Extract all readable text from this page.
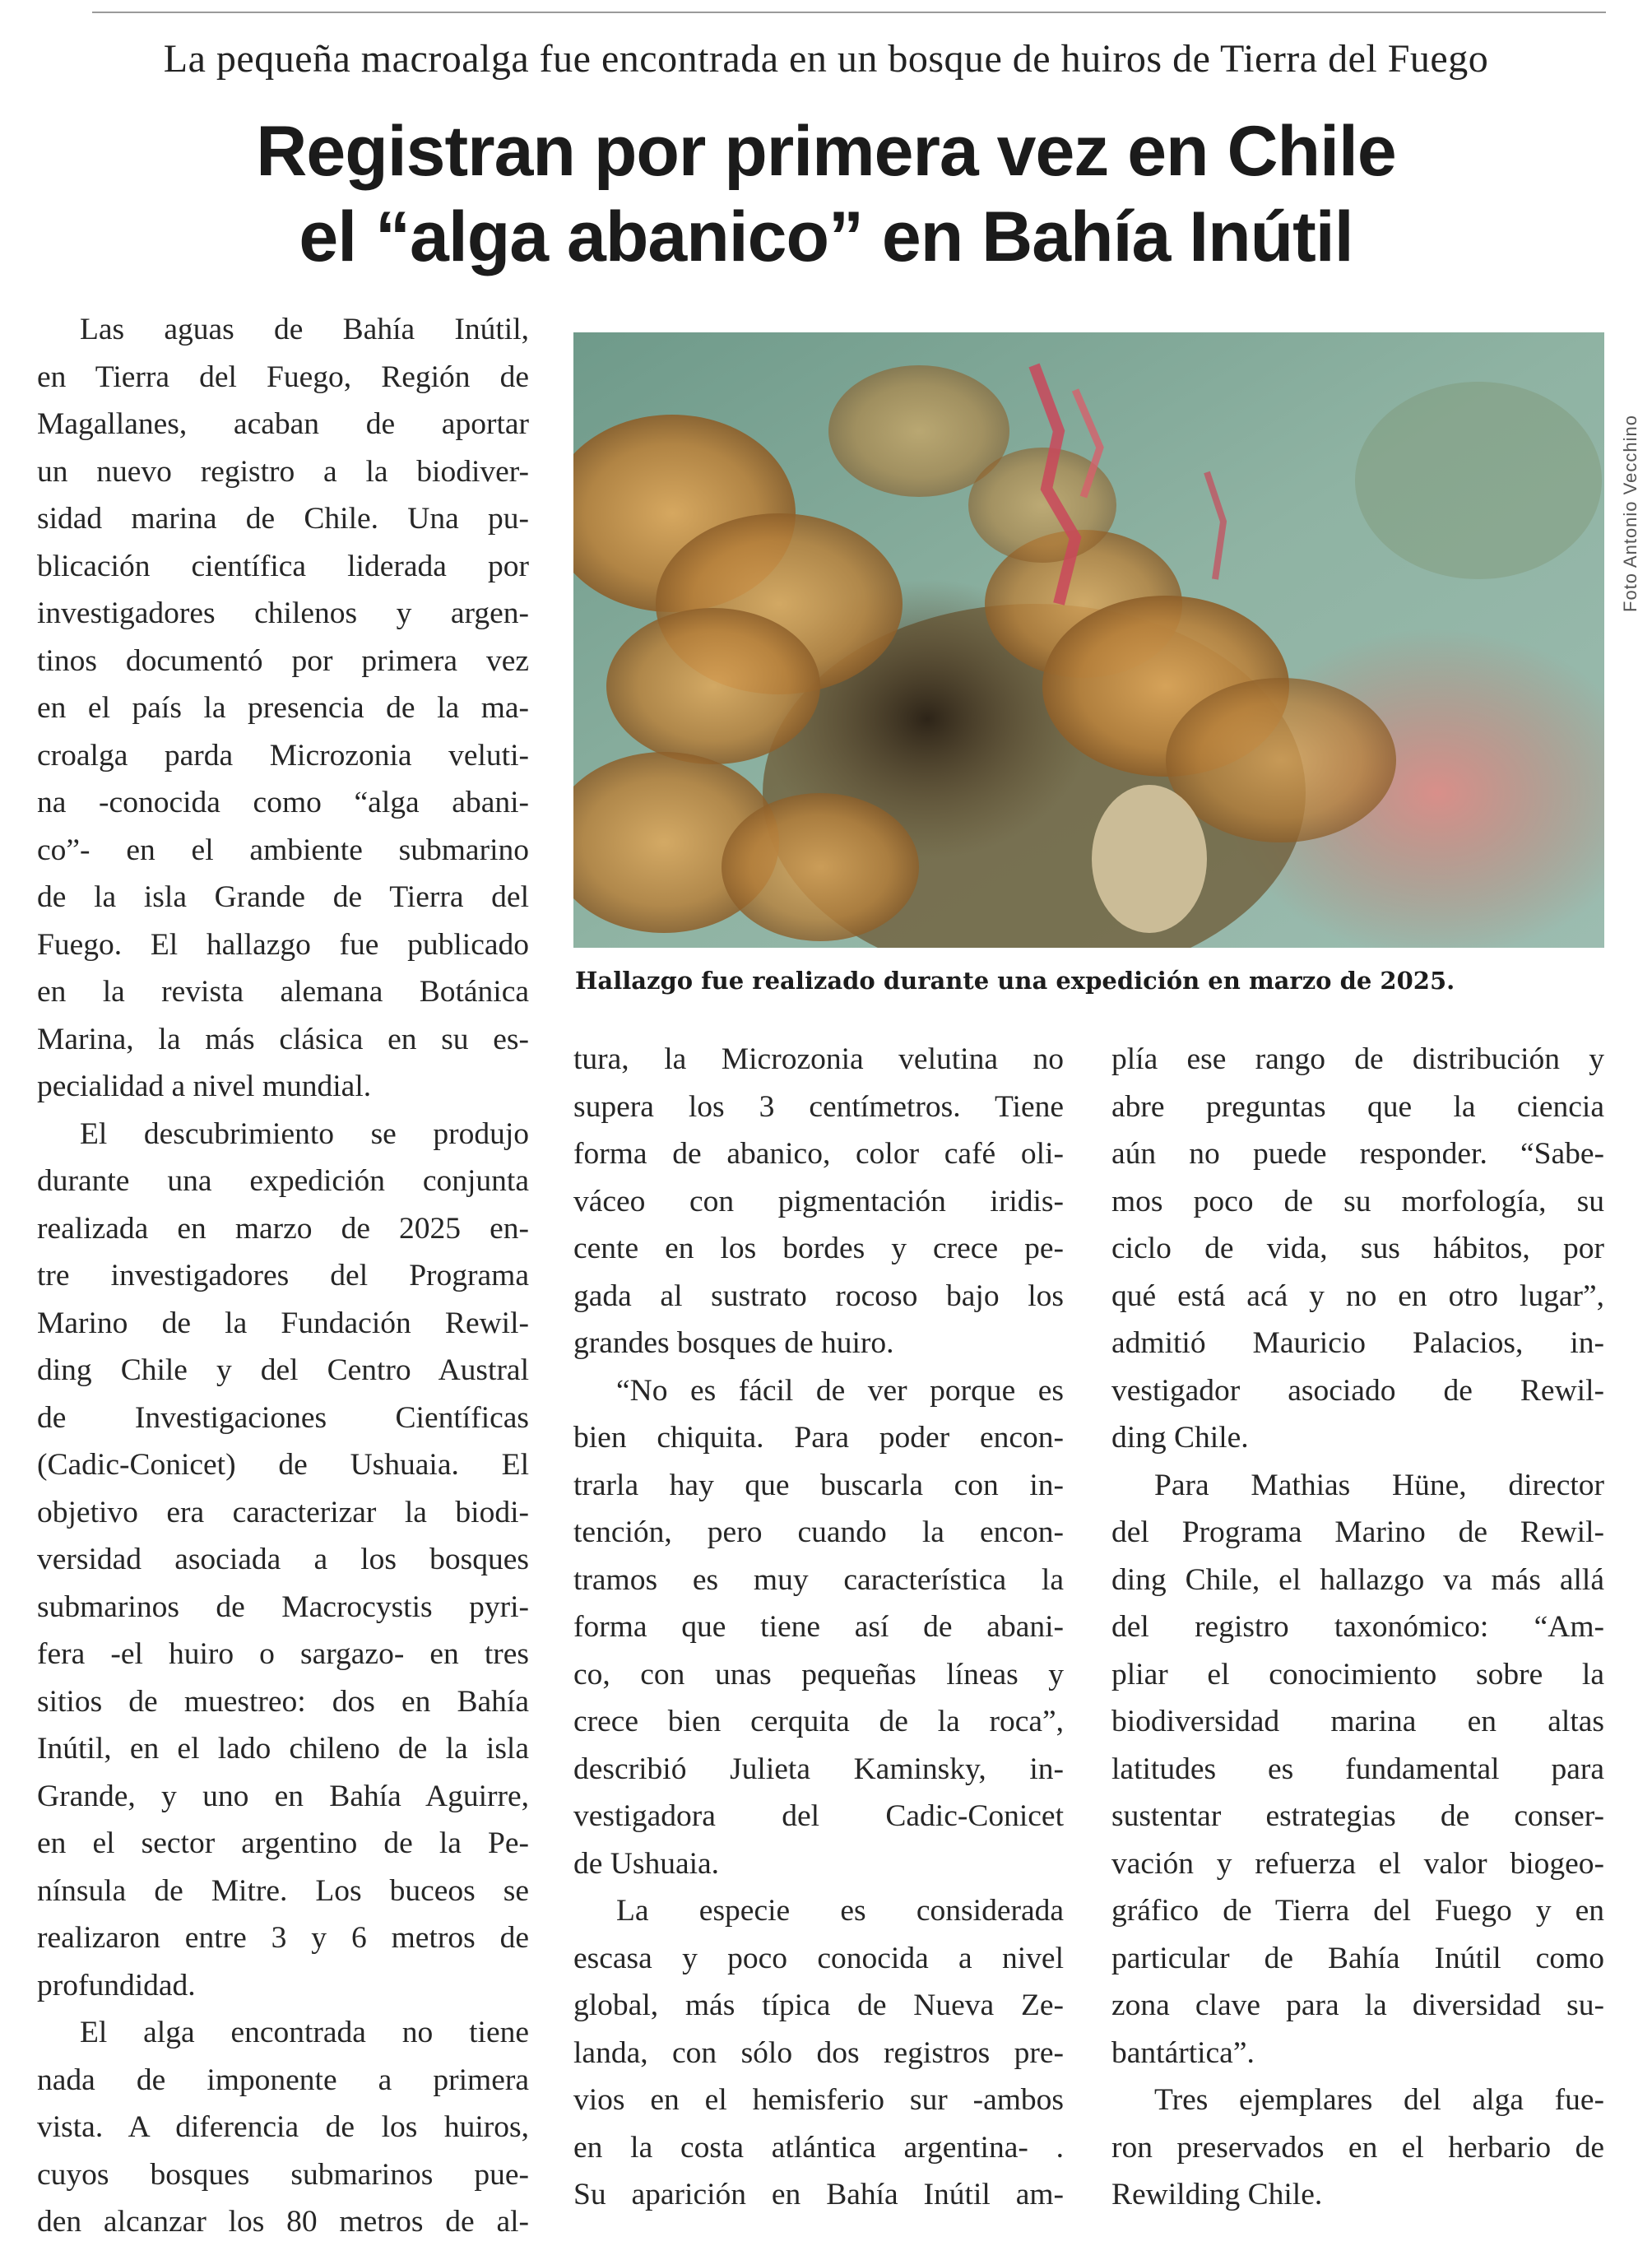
La pequeña macroalga fue encontrada en un bosque de huiros de Tierra del Fuego
Registran por primera vez en Chile
el “alga abanico” en Bahía Inútil
Las aguas de Bahía Inútil,
en Tierra del Fuego, Región de
Magallanes, acaban de aportar
un nuevo registro a la biodiver-
sidad marina de Chile. Una pu-
blicación científica liderada por
investigadores chilenos y argen-
tinos documentó por primera vez
en el país la presencia de la ma-
croalga parda Microzonia veluti-
na -conocida como “alga abani-
co”- en el ambiente submarino
de la isla Grande de Tierra del
Fuego. El hallazgo fue publicado
en la revista alemana Botánica
Marina, la más clásica en su es-
pecialidad a nivel mundial.
El descubrimiento se produjo
durante una expedición conjunta
realizada en marzo de 2025 en-
tre investigadores del Programa
Marino de la Fundación Rewil-
ding Chile y del Centro Austral
de Investigaciones Científicas
(Cadic-Conicet) de Ushuaia. El
objetivo era caracterizar la biodi-
versidad asociada a los bosques
submarinos de Macrocystis pyri-
fera -el huiro o sargazo- en tres
sitios de muestreo: dos en Bahía
Inútil, en el lado chileno de la isla
Grande, y uno en Bahía Aguirre,
en el sector argentino de la Pe-
nínsula de Mitre. Los buceos se
realizaron entre 3 y 6 metros de
profundidad.
El alga encontrada no tiene
nada de imponente a primera
vista. A diferencia de los huiros,
cuyos bosques submarinos pue-
den alcanzar los 80 metros de al-
tura, la Microzonia velutina no
supera los 3 centímetros. Tiene
forma de abanico, color café oli-
váceo con pigmentación iridis-
cente en los bordes y crece pe-
gada al sustrato rocoso bajo los
grandes bosques de huiro.
“No es fácil de ver porque es
bien chiquita. Para poder encon-
trarla hay que buscarla con in-
tención, pero cuando la encon-
tramos es muy característica la
forma que tiene así de abani-
co, con unas pequeñas líneas y
crece bien cerquita de la roca”,
describió Julieta Kaminsky, in-
vestigadora del Cadic-Conicet
de Ushuaia.
La especie es considerada
escasa y poco conocida a nivel
global, más típica de Nueva Ze-
landa, con sólo dos registros pre-
vios en el hemisferio sur -ambos
en la costa atlántica argentina- .
Su aparición en Bahía Inútil am-
plía ese rango de distribución y
abre preguntas que la ciencia
aún no puede responder. “Sabe-
mos poco de su morfología, su
ciclo de vida, sus hábitos, por
qué está acá y no en otro lugar”,
admitió Mauricio Palacios, in-
vestigador asociado de Rewil-
ding Chile.
Para Mathias Hüne, director
del Programa Marino de Rewil-
ding Chile, el hallazgo va más allá
del registro taxonómico: “Am-
pliar el conocimiento sobre la
biodiversidad marina en altas
latitudes es fundamental para
sustentar estrategias de conser-
vación y refuerza el valor biogeo-
gráfico de Tierra del Fuego y en
particular de Bahía Inútil como
zona clave para la diversidad su-
bantártica”.
Tres ejemplares del alga fue-
ron preservados en el herbario de
Rewilding Chile.
Foto Antonio Vecchino
Hallazgo fue realizado durante una expedición en marzo de 2025.
